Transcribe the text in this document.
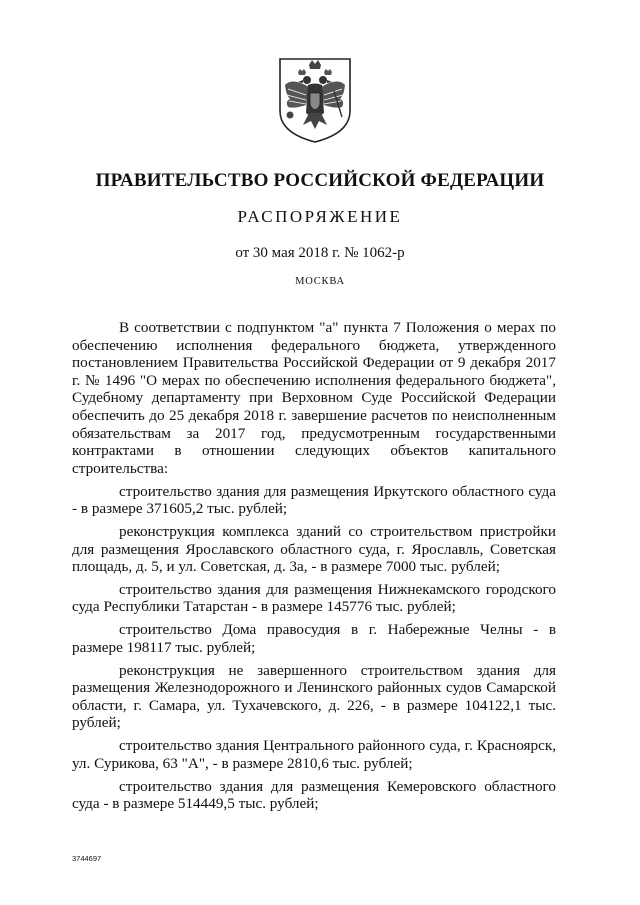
ПРАВИТЕЛЬСТВО РОССИЙСКОЙ ФЕДЕРАЦИИ
РАСПОРЯЖЕНИЕ
от 30 мая 2018 г. № 1062-р
МОСКВА

В соответствии с подпунктом "а" пункта 7 Положения о мерах по обеспечению исполнения федерального бюджета, утвержденного постановлением Правительства Российской Федерации от 9 декабря 2017 г. № 1496 "О мерах по обеспечению исполнения федерального бюджета", Судебному департаменту при Верховном Суде Российской Федерации обеспечить до 25 декабря 2018 г. завершение расчетов по неисполненным обязательствам за 2017 год, предусмотренным государственными контрактами в отношении следующих объектов капитального строительства:

строительство здания для размещения Иркутского областного суда - в размере 371605,2 тыс. рублей;

реконструкция комплекса зданий со строительством пристройки для размещения Ярославского областного суда, г. Ярославль, Советская площадь, д. 5, и ул. Советская, д. 3а, - в размере 7000 тыс. рублей;

строительство здания для размещения Нижнекамского городского суда Республики Татарстан - в размере 145776 тыс. рублей;

строительство Дома правосудия в г. Набережные Челны - в размере 198117 тыс. рублей;

реконструкция не завершенного строительством здания для размещения Железнодорожного и Ленинского районных судов Самарской области, г. Самара, ул. Тухачевского, д. 226, - в размере 104122,1 тыс. рублей;

строительство здания Центрального районного суда, г. Красноярск, ул. Сурикова, 63 "А", - в размере 2810,6 тыс. рублей;

строительство здания для размещения Кемеровского областного суда - в размере 514449,5 тыс. рублей;

3744697
